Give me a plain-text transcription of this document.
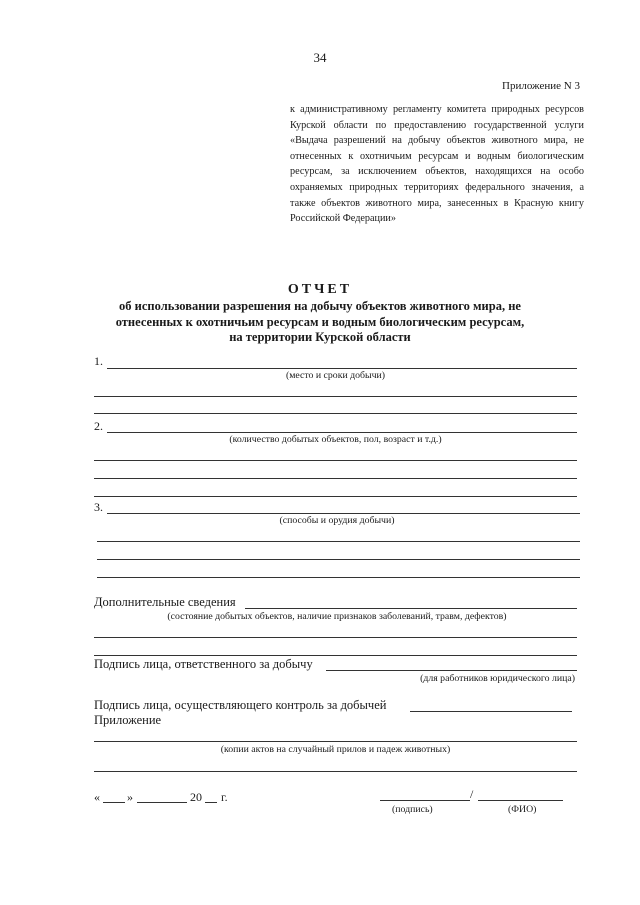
34
Приложение N 3
к административному регламенту комитета природных ресурсов Курской области по предоставлению государственной услуги «Выдача разрешений на добычу объектов животного мира, не отнесенных к охотничьим ресурсам и водным биологическим ресурсам, за исключением объектов, находящихся на особо охраняемых природных территориях федерального значения, а также объектов животного мира, занесенных в Красную книгу Российской Федерации»
ОТЧЕТ
об использовании разрешения на добычу объектов животного мира, не отнесенных к охотничьим ресурсам и водным биологическим ресурсам, на территории Курской области
1.
(место и сроки добычи)
2.
(количество добытых объектов, пол, возраст и т.д.)
3.
(способы и орудия добычи)
Дополнительные сведения
(состояние добытых объектов, наличие признаков заболеваний, травм, дефектов)
Подпись лица, ответственного за добычу
(для работников юридического лица)
Подпись лица, осуществляющего контроль за добычей
Приложение
(копии актов на случайный прилов и падеж животных)
« »	20 г.	/
(подпись)	(ФИО)
